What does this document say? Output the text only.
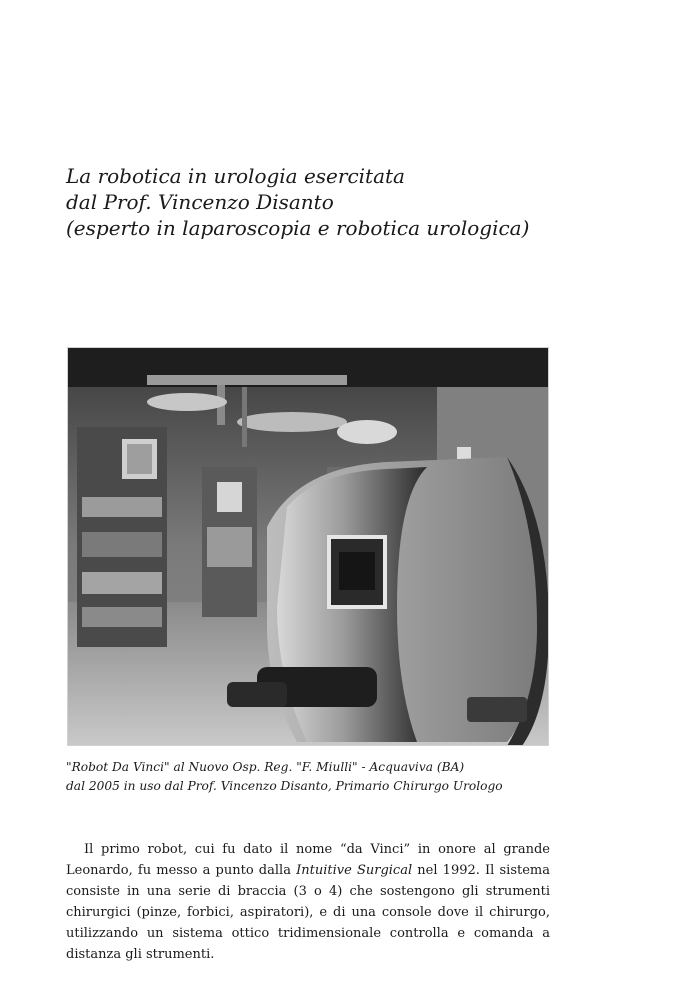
La robotica in urologia esercitata
dal Prof. Vincenzo Disanto
(esperto in laparoscopia e robotica urologica)
"Robot Da Vinci" al Nuovo Osp. Reg. "F. Miulli" - Acquaviva (BA)
dal 2005 in uso dal Prof. Vincenzo Disanto, Primario Chirurgo Urologo

Il primo robot, cui fu dato il nome “da Vinci” in onore al grande Leonardo, fu messo a punto dalla Intuitive Surgical nel 1992. Il sistema consiste in una serie di braccia (3 o 4) che sostengono gli strumenti chirurgici (pinze, forbici, aspiratori), e di una console dove il chirurgo, utilizzando un sistema ottico tridimensionale controlla e comanda a distanza gli strumenti.
